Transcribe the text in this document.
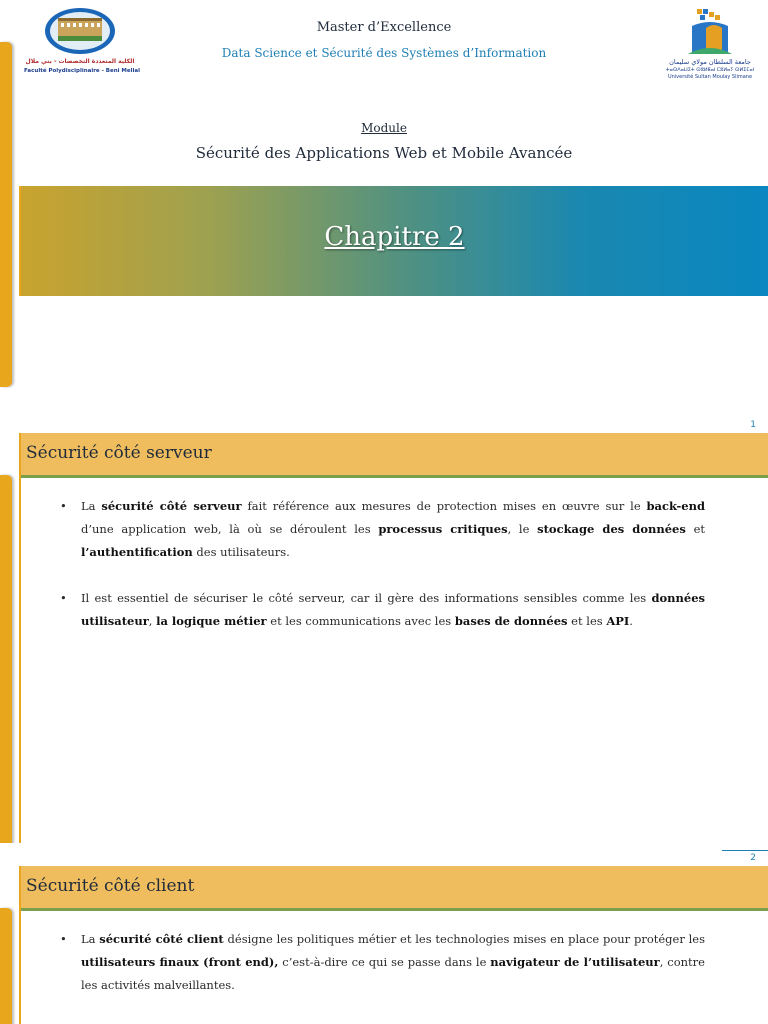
الكلية المتعددة التخصصات - بني ملال
Faculté Polydisciplinaire - Beni Mellal
جامعة السلطان مولاي سليمان
ⵜⴰⵙⴷⴰⵡⵉⵜ ⵙⵓⵍⵟⴰⵏ ⵎⵓⵍⴰⵢ ⵙⵍⵉⵎⴰⵏ
Université Sultan Moulay Slimane
Master d’Excellence
Data Science et Sécurité des Systèmes d’Information
Module
Sécurité des Applications Web et Mobile Avancée
Chapitre 2
1
Sécurité côté serveur
• La sécurité côté serveur fait référence aux mesures de protection mises en œuvre sur le back-end d’une application web, là où se déroulent les processus critiques, le stockage des données et l’authentification des utilisateurs.
• Il est essentiel de sécuriser le côté serveur, car il gère des informations sensibles comme les données utilisateur, la logique métier et les communications avec les bases de données et les API.
2
Sécurité côté client
• La sécurité côté client désigne les politiques métier et les technologies mises en place pour protéger les utilisateurs finaux (front end), c’est-à-dire ce qui se passe dans le navigateur de l’utilisateur, contre les activités malveillantes.
